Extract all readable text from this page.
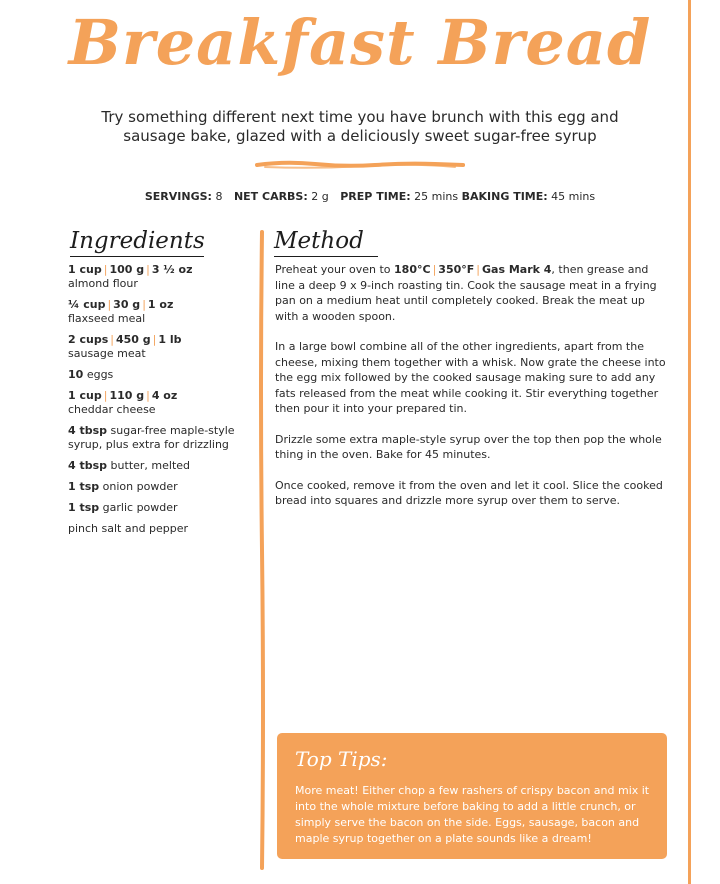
Breakfast Bread
Try something different next time you have brunch with this egg and sausage bake, glazed with a deliciously sweet sugar-free syrup
SERVINGS: 8 NET CARBS: 2 g PREP TIME: 25 mins BAKING TIME: 45 mins
Ingredients	Method
1 cup | 100 g | 3 ½ oz
almond flour
¼ cup | 30 g | 1 oz
flaxseed meal
2 cups | 450 g | 1 lb
sausage meat
10 eggs
1 cup | 110 g | 4 oz
cheddar cheese
4 tbsp sugar-free maple-style syrup, plus extra for drizzling
4 tbsp butter, melted
1 tsp onion powder
1 tsp garlic powder
pinch salt and pepper

Preheat your oven to 180°C | 350°F | Gas Mark 4, then grease and line a deep 9 x 9-inch roasting tin. Cook the sausage meat in a frying pan on a medium heat until completely cooked. Break the meat up with a wooden spoon.

In a large bowl combine all of the other ingredients, apart from the cheese, mixing them together with a whisk. Now grate the cheese into the egg mix followed by the cooked sausage making sure to add any fats released from the meat while cooking it. Stir everything together then pour it into your prepared tin.

Drizzle some extra maple-style syrup over the top then pop the whole thing in the oven. Bake for 45 minutes.

Once cooked, remove it from the oven and let it cool. Slice the cooked bread into squares and drizzle more syrup over them to serve.

Top Tips:
More meat! Either chop a few rashers of crispy bacon and mix it into the whole mixture before baking to add a little crunch, or simply serve the bacon on the side. Eggs, sausage, bacon and maple syrup together on a plate sounds like a dream!
